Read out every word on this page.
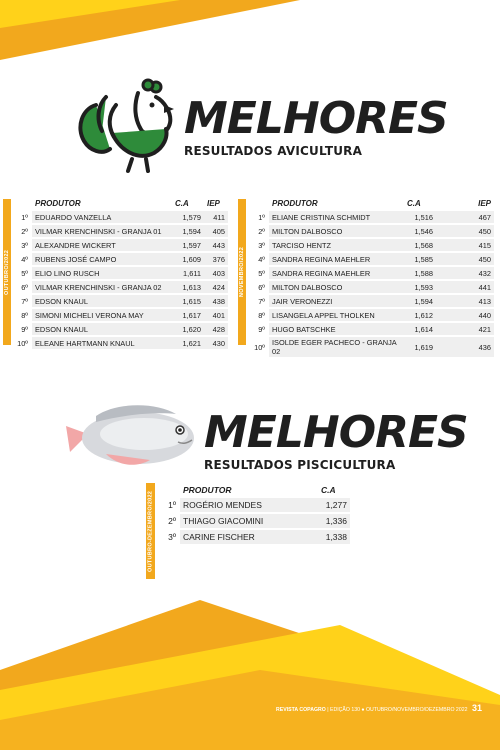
MELHORES
RESULTADOS AVICULTURA
OUTUBRO/2022
	PRODUTOR	C.A	IEP
1º	EDUARDO VANZELLA	1,579	411
2º	VILMAR KRENCHINSKI - GRANJA 01	1,594	405
3º	ALEXANDRE WICKERT	1,597	443
4º	RUBENS JOSÉ CAMPO	1,609	376
5º	ELIO LINO RUSCH	1,611	403
6º	VILMAR KRENCHINSKI - GRANJA 02	1,613	424
7º	EDSON KNAUL	1,615	438
8º	SIMONI MICHELI VERONA MAY	1,617	401
9º	EDSON KNAUL	1,620	428
10º	ELEANE HARTMANN KNAUL	1,621	430
NOVEMBRO/2022
	PRODUTOR	C.A	IEP
1º	ELIANE CRISTINA SCHMIDT	1,516	467
2º	MILTON DALBOSCO	1,546	450
3º	TARCISO HENTZ	1,568	415
4º	SANDRA REGINA MAEHLER	1,585	450
5º	SANDRA REGINA MAEHLER	1,588	432
6º	MILTON DALBOSCO	1,593	441
7º	JAIR VERONEZZI	1,594	413
8º	LISANGELA APPEL THOLKEN	1,612	440
9º	HUGO BATSCHKE	1,614	421
10º	ISOLDE EGER PACHECO - GRANJA 02	1,619	436
MELHORES
RESULTADOS PISCICULTURA
OUTUBRO-DEZEMBRO/2022
	PRODUTOR	C.A
1º	ROGÉRIO MENDES	1,277
2º	THIAGO GIACOMINI	1,336
3º	CARINE FISCHER	1,338
REVISTA COPAGRO | EDIÇÃO 130 ● OUTUBRO/NOVEMBRO/DEZEMBRO 2022 31
